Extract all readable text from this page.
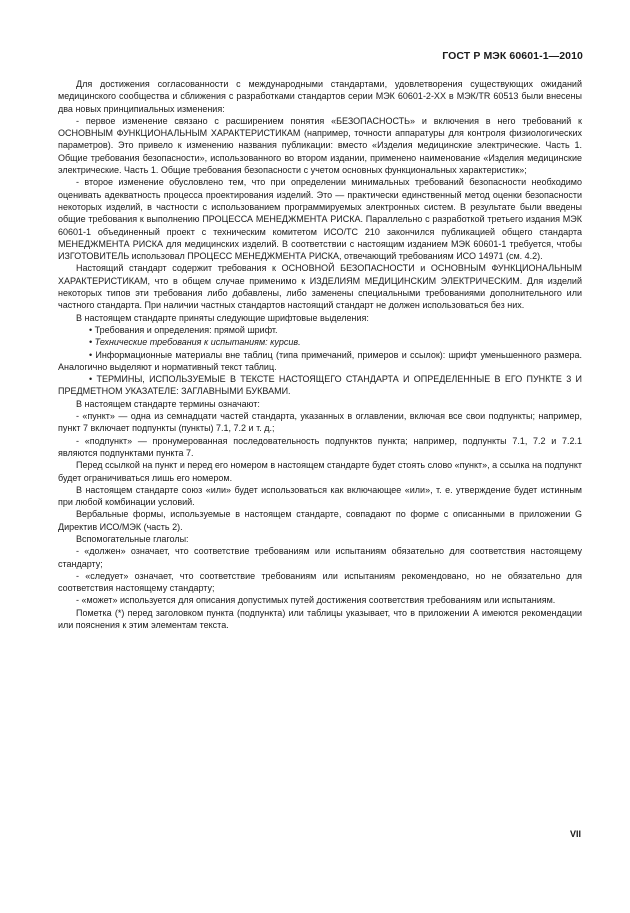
ГОСТ Р МЭК 60601-1—2010

Для достижения согласованности с международными стандартами, удовлетворения существующих ожиданий медицинского сообщества и сближения с разработками стандартов серии МЭК 60601-2-XX в МЭК/TR 60513 были внесены два новых принципиальных изменения:

- первое изменение связано с расширением понятия «БЕЗОПАСНОСТЬ» и включения в него требований к ОСНОВНЫМ ФУНКЦИОНАЛЬНЫМ ХАРАКТЕРИСТИКАМ (например, точности аппаратуры для контроля физиологических параметров). Это привело к изменению названия публикации: вместо «Изделия медицинские электрические. Часть 1. Общие требования безопасности», использованного во втором издании, применено наименование «Изделия медицинские электрические. Часть 1. Общие требования безопасности с учетом основных функциональных характеристик»;

- второе изменение обусловлено тем, что при определении минимальных требований безопасности необходимо оценивать адекватность процесса проектирования изделий. Это — практически единственный метод оценки безопасности некоторых изделий, в частности с использованием программируемых электронных систем. В результате были введены общие требования к выполнению ПРОЦЕССА МЕНЕДЖМЕНТА РИСКА. Параллельно с разработкой третьего издания МЭК 60601-1 объединенный проект с техническим комитетом ИСО/ТС 210 закончился публикацией общего стандарта МЕНЕДЖМЕНТА РИСКА для медицинских изделий. В соответствии с настоящим изданием МЭК 60601-1 требуется, чтобы ИЗГОТОВИТЕЛЬ использовал ПРОЦЕСС МЕНЕДЖМЕНТА РИСКА, отвечающий требованиям ИСО 14971 (см. 4.2).

Настоящий стандарт содержит требования к ОСНОВНОЙ БЕЗОПАСНОСТИ и ОСНОВНЫМ ФУНКЦИОНАЛЬНЫМ ХАРАКТЕРИСТИКАМ, что в общем случае применимо к ИЗДЕЛИЯМ МЕДИЦИНСКИМ ЭЛЕКТРИЧЕСКИМ. Для изделий некоторых типов эти требования либо добавлены, либо заменены специальными требованиями дополнительного или частного стандарта. При наличии частных стандартов настоящий стандарт не должен использоваться без них.

В настоящем стандарте приняты следующие шрифтовые выделения:

• Требования и определения: прямой шрифт.

• Технические требования к испытаниям: курсив.

• Информационные материалы вне таблиц (типа примечаний, примеров и ссылок): шрифт уменьшенного размера. Аналогично выделяют и нормативный текст таблиц.

• ТЕРМИНЫ, ИСПОЛЬЗУЕМЫЕ В ТЕКСТЕ НАСТОЯЩЕГО СТАНДАРТА И ОПРЕДЕЛЕННЫЕ В ЕГО ПУНКТЕ 3 И ПРЕДМЕТНОМ УКАЗАТЕЛЕ: ЗАГЛАВНЫМИ БУКВАМИ.

В настоящем стандарте термины означают:

- «пункт» — одна из семнадцати частей стандарта, указанных в оглавлении, включая все свои подпункты; например, пункт 7 включает подпункты (пункты) 7.1, 7.2 и т. д.;

- «подпункт» — пронумерованная последовательность подпунктов пункта; например, подпункты 7.1, 7.2 и 7.2.1 являются подпунктами пункта 7.

Перед ссылкой на пункт и перед его номером в настоящем стандарте будет стоять слово «пункт», а ссылка на подпункт будет ограничиваться лишь его номером.

В настоящем стандарте союз «или» будет использоваться как включающее «или», т. е. утверждение будет истинным при любой комбинации условий.

Вербальные формы, используемые в настоящем стандарте, совпадают по форме с описанными в приложении G Директив ИСО/МЭК (часть 2).

Вспомогательные глаголы:

- «должен» означает, что соответствие требованиям или испытаниям обязательно для соответствия настоящему стандарту;

- «следует» означает, что соответствие требованиям или испытаниям рекомендовано, но не обязательно для соответствия настоящему стандарту;

- «может» используется для описания допустимых путей достижения соответствия требованиям или испытаниям.

Пометка (*) перед заголовком пункта (подпункта) или таблицы указывает, что в приложении А имеются рекомендации или пояснения к этим элементам текста.

VII
